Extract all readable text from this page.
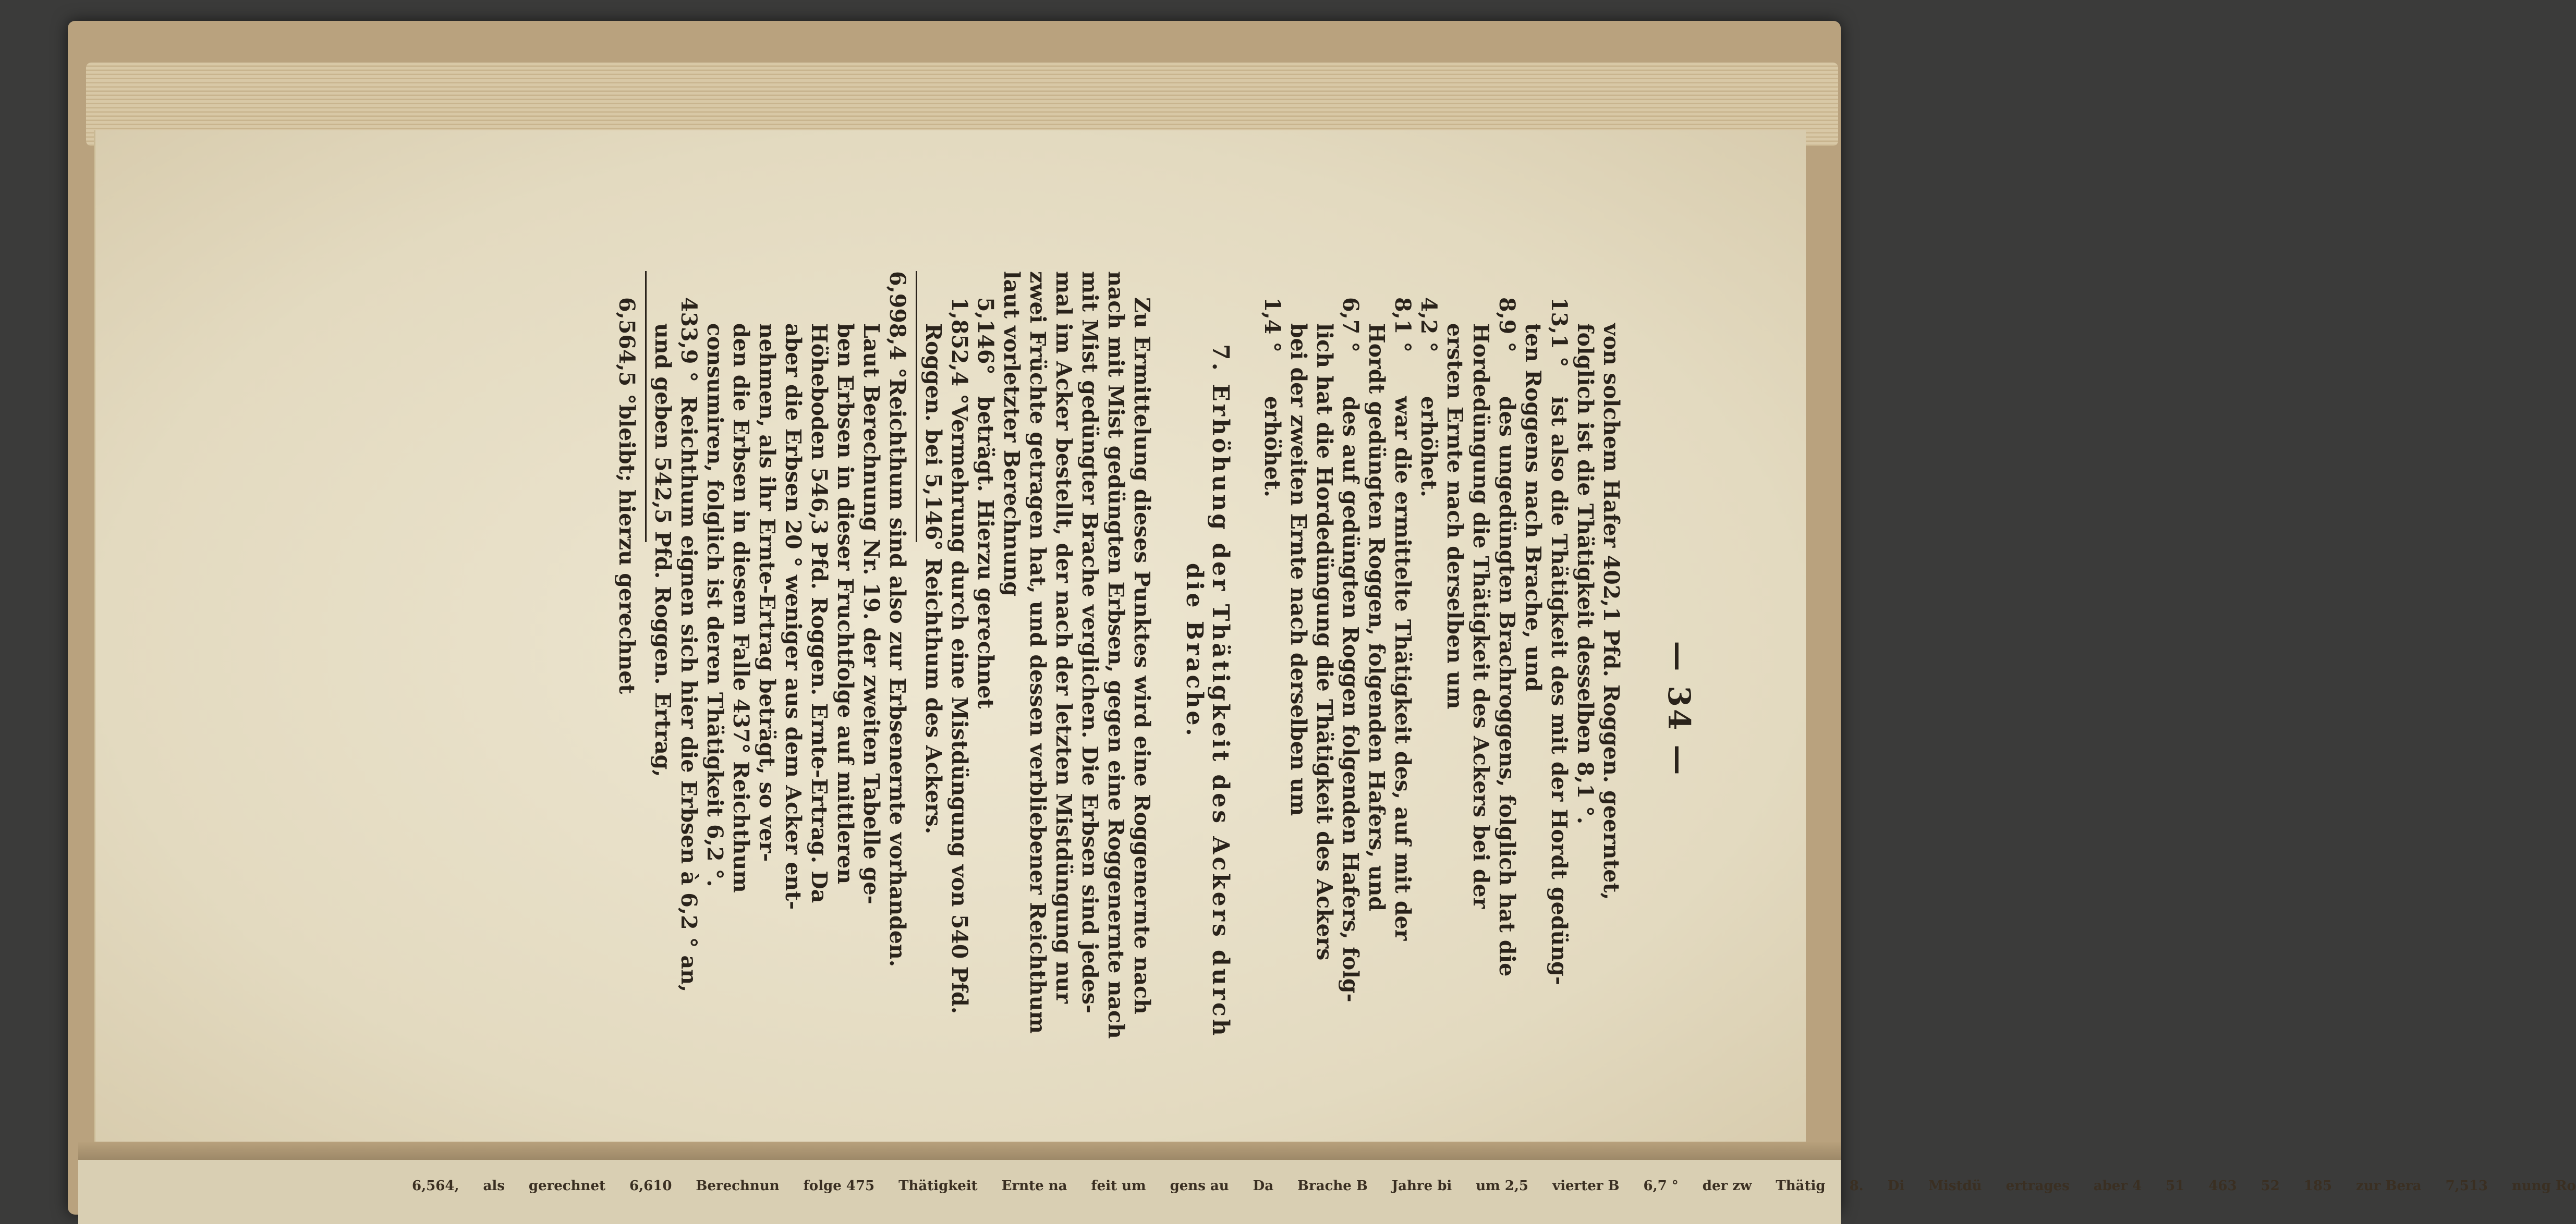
6,564, als gerechnet 6,610 Berechnun folge 475 Thätigkeit Ernte na feit um gens au Da Brache B Jahre bi um 2,5 vierter B 6,7 ° der zw Thätig 8. Di Mistdü ertrages aber 4 51 463 52 185 zur Bera 7,513 nung Ro
— 34 —
von solchem Hafer 402,1 Pfd. Roggen. geerntet,
folglich ist die Thätigkeit desselben 8,1 °.
13,1 °ist also die Thätigkeit des mit der Hordt gedüng-
ten Roggens nach Brache, und
8,9 °des ungedüngten Brachroggens, folglich hat die
Hordedüngung die Thätigkeit des Ackers bei der
ersten Ernte nach derselben um
4,2 °erhöhet.
8,1 °war die ermittelte Thätigkeit des, auf mit der
Hordt gedüngten Roggen, folgenden Hafers, und
6,7 °des auf gedüngten Roggen folgenden Hafers, folg-
lich hat die Hordedüngung die Thätigkeit des Ackers
bei der zweiten Ernte nach derselben um
1,4 °erhöhet.
7. Erhöhung der Thätigkeit des Ackers durch
die Brache.
Zu Ermittelung dieses Punktes wird eine Roggenernte nach
nach mit Mist gedüngten Erbsen, gegen eine Roggenernte nach
mit Mist gedüngter Brache verglichen. Die Erbsen sind jedes-
mal im Acker bestellt, der nach der letzten Mistdüngung nur
zwei Früchte getragen hat, und dessen verbliebener Reichthum
laut vorletzter Berechnung
5,146°beträgt. Hierzu gerechnet
1,852,4 °Vermehrung durch eine Mistdüngung von 540 Pfd.
Roggen. bei 5,146° Reichthum des Ackers.
6,998,4 °Reichthum sind also zur Erbsenernte vorhanden.
Laut Berechnung Nr. 19. der zweiten Tabelle ge-
ben Erbsen in dieser Fruchtfolge auf mittleren
Höheboden 546,3 Pfd. Roggen. Ernte-Ertrag. Da
aber die Erbsen 20 ° weniger aus dem Acker ent-
nehmen, als ihr Ernte-Ertrag beträgt, so ver-
den die Erbsen in diesem Falle 437° Reichthum
consumiren, folglich ist deren Thätigkeit 6,2 °.
433,9 °Reichthum eignen sich hier die Erbsen à 6,2 ° an,
und geben 542,5 Pfd. Roggen. Ertrag,
6,564,5 °bleibt; hierzu gerechnet
